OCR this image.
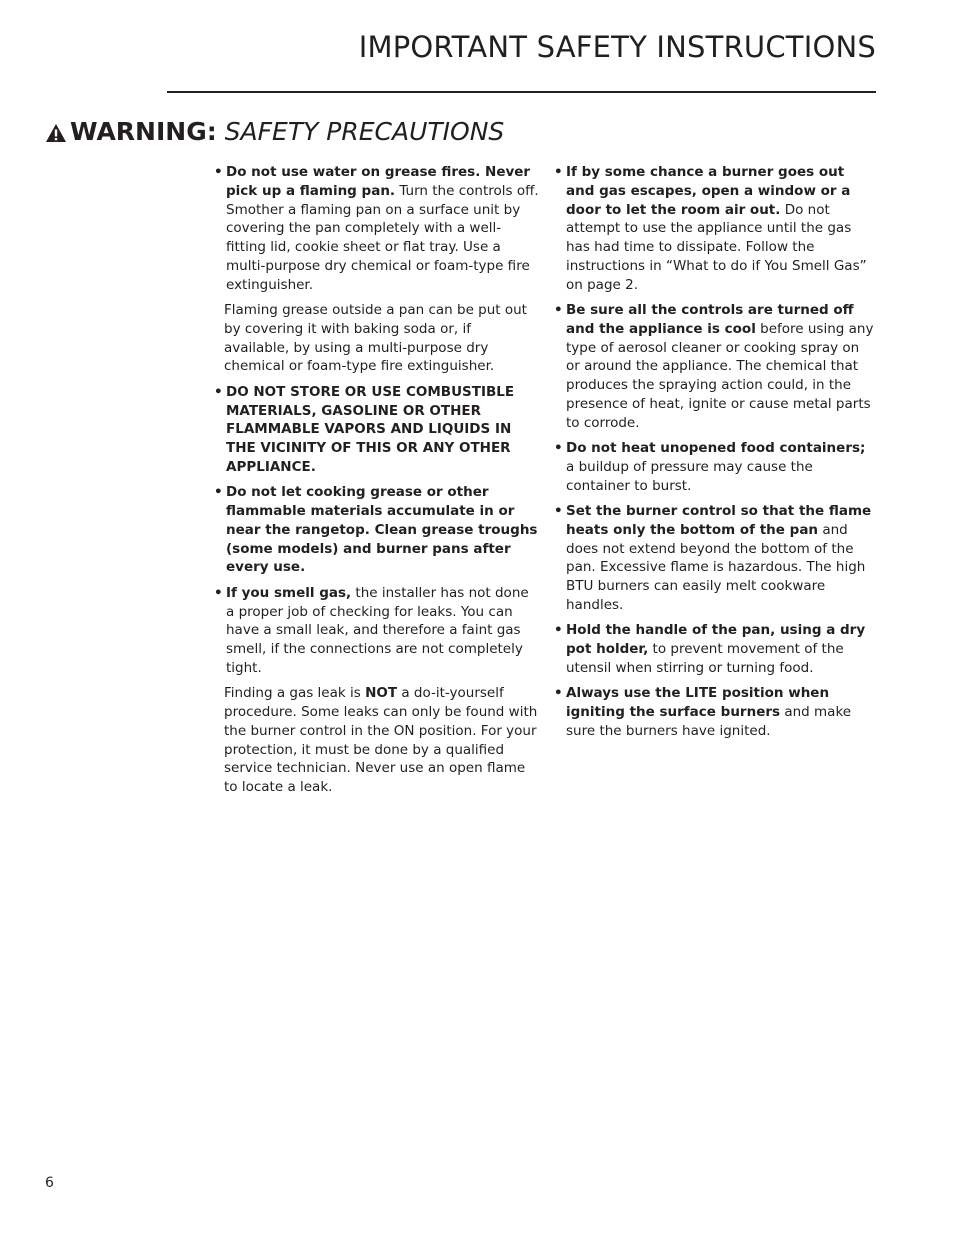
IMPORTANT SAFETY INSTRUCTIONS
WARNING: SAFETY PRECAUTIONS
• Do not use water on grease fires. Never pick up a flaming pan. Turn the controls off. Smother a flaming pan on a surface unit by covering the pan completely with a well-fitting lid, cookie sheet or flat tray. Use a multi-purpose dry chemical or foam-type fire extinguisher.
Flaming grease outside a pan can be put out by covering it with baking soda or, if available, by using a multi-purpose dry chemical or foam-type fire extinguisher.
• DO NOT STORE OR USE COMBUSTIBLE MATERIALS, GASOLINE OR OTHER FLAMMABLE VAPORS AND LIQUIDS IN THE VICINITY OF THIS OR ANY OTHER APPLIANCE.
• Do not let cooking grease or other flammable materials accumulate in or near the rangetop. Clean grease troughs (some models) and burner pans after every use.
• If you smell gas, the installer has not done a proper job of checking for leaks. You can have a small leak, and therefore a faint gas smell, if the connections are not completely tight.
Finding a gas leak is NOT a do-it-yourself procedure. Some leaks can only be found with the burner control in the ON position. For your protection, it must be done by a qualified service technician. Never use an open flame to locate a leak.
• If by some chance a burner goes out and gas escapes, open a window or a door to let the room air out. Do not attempt to use the appliance until the gas has had time to dissipate. Follow the instructions in “What to do if You Smell Gas” on page 2.
• Be sure all the controls are turned off and the appliance is cool before using any type of aerosol cleaner or cooking spray on or around the appliance. The chemical that produces the spraying action could, in the presence of heat, ignite or cause metal parts to corrode.
• Do not heat unopened food containers; a buildup of pressure may cause the container to burst.
• Set the burner control so that the flame heats only the bottom of the pan and does not extend beyond the bottom of the pan. Excessive flame is hazardous. The high BTU burners can easily melt cookware handles.
• Hold the handle of the pan, using a dry pot holder, to prevent movement of the utensil when stirring or turning food.
• Always use the LITE position when igniting the surface burners and make sure the burners have ignited.
6
